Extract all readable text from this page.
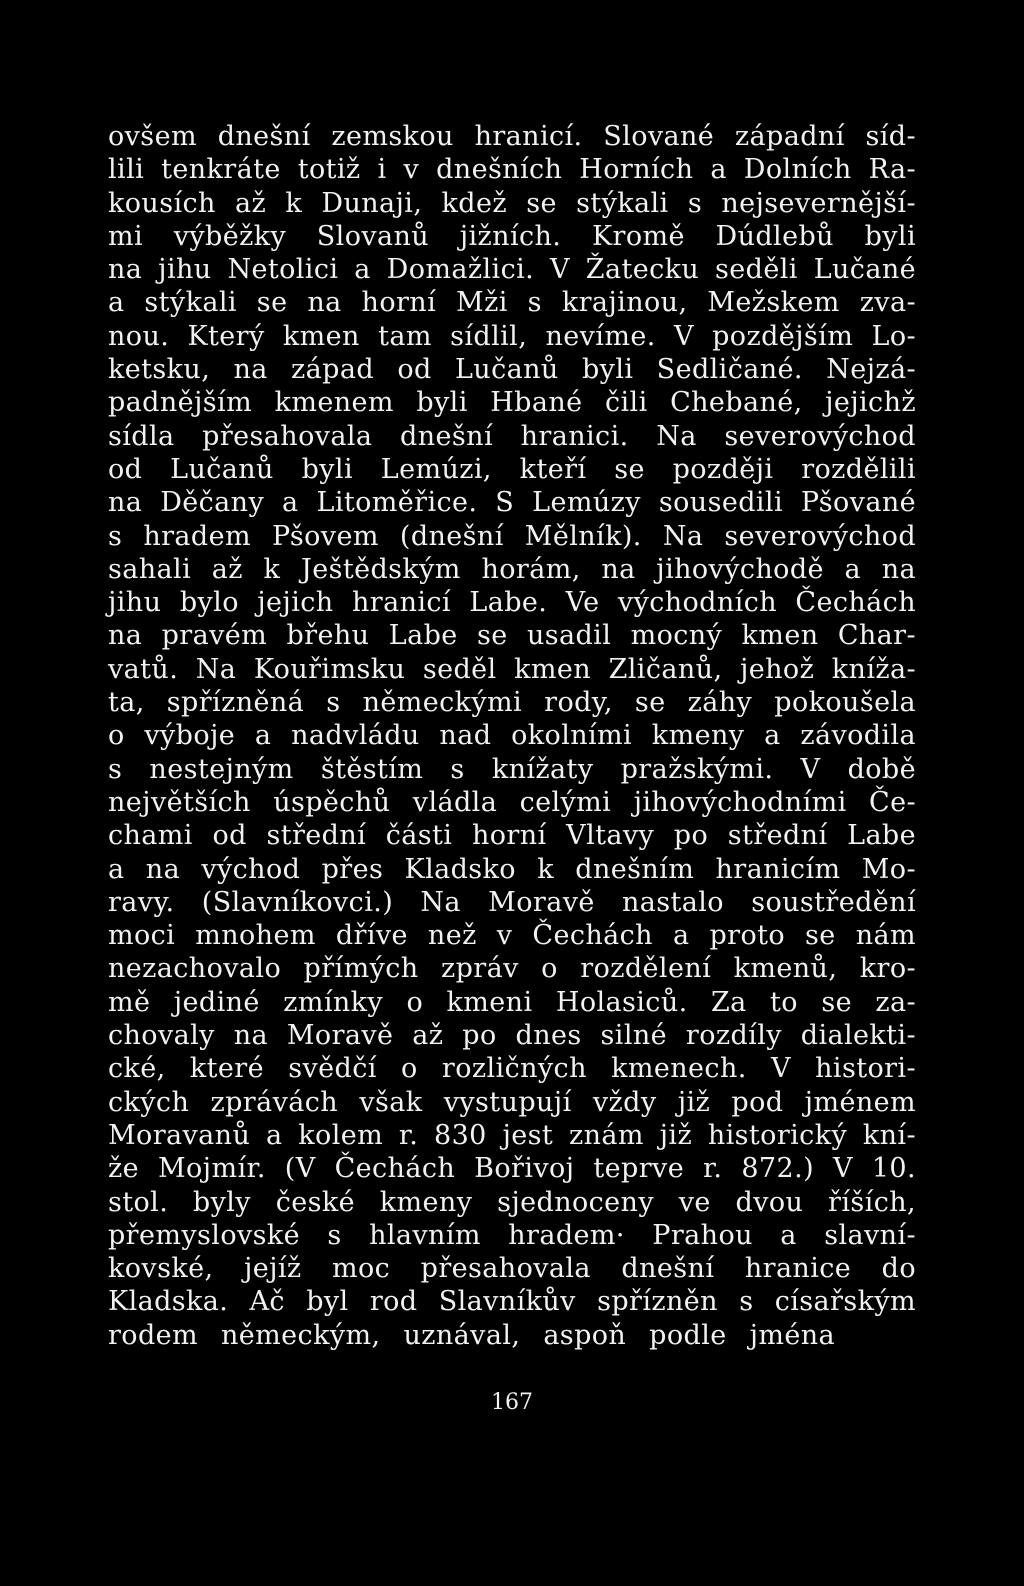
ovšem dnešní zemskou hranicí. Slované západní síd-
lili tenkráte totiž i v dnešních Horních a Dolních Ra-
kousích až k Dunaji, kdež se stýkali s nejsevernější-
mi výběžky Slovanů jižních. Kromě Dúdlebů byli
na jihu Netolici a Domažlici. V Žatecku seděli Lučané
a stýkali se na horní Mži s krajinou, Mežskem zva-
nou. Který kmen tam sídlil, nevíme. V pozdějším Lo-
ketsku, na západ od Lučanů byli Sedličané. Nejzá-
padnějším kmenem byli Hbané čili Chebané, jejichž
sídla přesahovala dnešní hranici. Na severovýchod
od Lučanů byli Lemúzi, kteří se později rozdělili
na Děčany a Litoměřice. S Lemúzy sousedili Pšované
s hradem Pšovem (dnešní Mělník). Na severovýchod
sahali až k Ještědským horám, na jihovýchodě a na
jihu bylo jejich hranicí Labe. Ve východních Čechách
na pravém břehu Labe se usadil mocný kmen Char-
vatů. Na Kouřimsku seděl kmen Zličanů, jehož kníža-
ta, spřízněná s německými rody, se záhy pokoušela
o výboje a nadvládu nad okolními kmeny a závodila
s nestejným štěstím s knížaty pražskými. V době
největších úspěchů vládla celými jihovýchodními Če-
chami od střední části horní Vltavy po střední Labe
a na východ přes Kladsko k dnešním hranicím Mo-
ravy. (Slavníkovci.) Na Moravě nastalo soustředění
moci mnohem dříve než v Čechách a proto se nám
nezachovalo přímých zpráv o rozdělení kmenů, kro-
mě jediné zmínky o kmeni Holasiců. Za to se za-
chovaly na Moravě až po dnes silné rozdíly dialekti-
cké, které svědčí o rozličných kmenech. V histori-
ckých zprávách však vystupují vždy již pod jménem
Moravanů a kolem r. 830 jest znám již historický kní-
že Mojmír. (V Čechách Bořivoj teprve r. 872.) V 10.
stol. byly české kmeny sjednoceny ve dvou říších,
přemyslovské s hlavním hradem· Prahou a slavní-
kovské, jejíž moc přesahovala dnešní hranice do
Kladska. Ač byl rod Slavníkův spřízněn s císařským
rodem německým, uznával, aspoň podle jména
167
